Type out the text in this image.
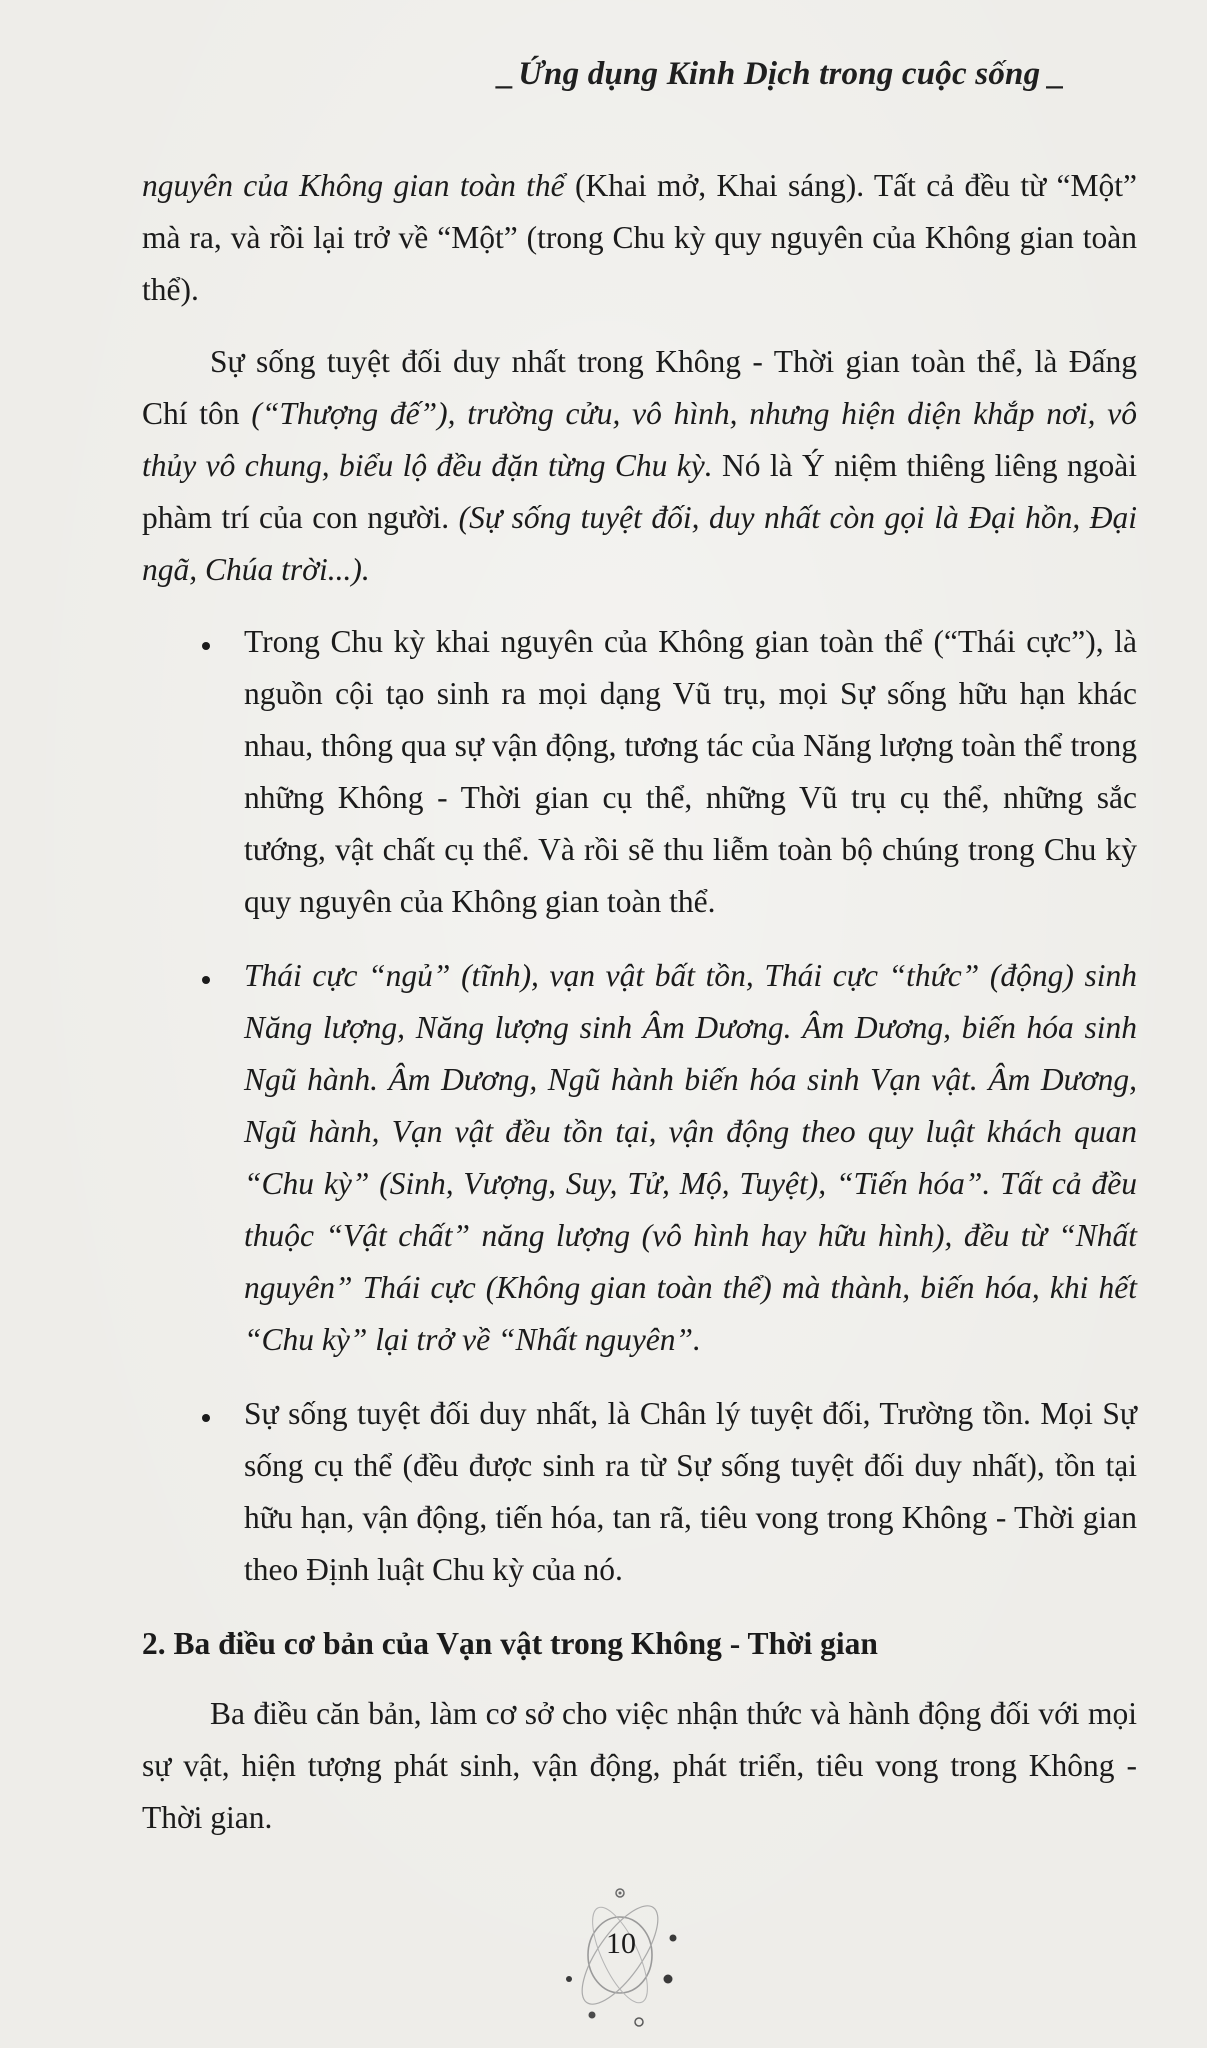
_ Ứng dụng Kinh Dịch trong cuộc sống _

nguyên của Không gian toàn thể (Khai mở, Khai sáng). Tất cả đều từ “Một” mà ra, và rồi lại trở về “Một” (trong Chu kỳ quy nguyên của Không gian toàn thể).

Sự sống tuyệt đối duy nhất trong Không - Thời gian toàn thể, là Đấng Chí tôn (“Thượng đế”), trường cửu, vô hình, nhưng hiện diện khắp nơi, vô thủy vô chung, biểu lộ đều đặn từng Chu kỳ. Nó là Ý niệm thiêng liêng ngoài phàm trí của con người. (Sự sống tuyệt đối, duy nhất còn gọi là Đại hồn, Đại ngã, Chúa trời...).

Trong Chu kỳ khai nguyên của Không gian toàn thể (“Thái cực”), là nguồn cội tạo sinh ra mọi dạng Vũ trụ, mọi Sự sống hữu hạn khác nhau, thông qua sự vận động, tương tác của Năng lượng toàn thể trong những Không - Thời gian cụ thể, những Vũ trụ cụ thể, những sắc tướng, vật chất cụ thể. Và rồi sẽ thu liễm toàn bộ chúng trong Chu kỳ quy nguyên của Không gian toàn thể.
Thái cực “ngủ” (tĩnh), vạn vật bất tồn, Thái cực “thức” (động) sinh Năng lượng, Năng lượng sinh Âm Dương. Âm Dương, biến hóa sinh Ngũ hành. Âm Dương, Ngũ hành biến hóa sinh Vạn vật. Âm Dương, Ngũ hành, Vạn vật đều tồn tại, vận động theo quy luật khách quan “Chu kỳ” (Sinh, Vượng, Suy, Tử, Mộ, Tuyệt), “Tiến hóa”. Tất cả đều thuộc “Vật chất” năng lượng (vô hình hay hữu hình), đều từ “Nhất nguyên” Thái cực (Không gian toàn thể) mà thành, biến hóa, khi hết “Chu kỳ” lại trở về “Nhất nguyên”.
Sự sống tuyệt đối duy nhất, là Chân lý tuyệt đối, Trường tồn. Mọi Sự sống cụ thể (đều được sinh ra từ Sự sống tuyệt đối duy nhất), tồn tại hữu hạn, vận động, tiến hóa, tan rã, tiêu vong trong Không - Thời gian theo Định luật Chu kỳ của nó.
2. Ba điều cơ bản của Vạn vật trong Không - Thời gian

Ba điều căn bản, làm cơ sở cho việc nhận thức và hành động đối với mọi sự vật, hiện tượng phát sinh, vận động, phát triển, tiêu vong trong Không - Thời gian.

10
